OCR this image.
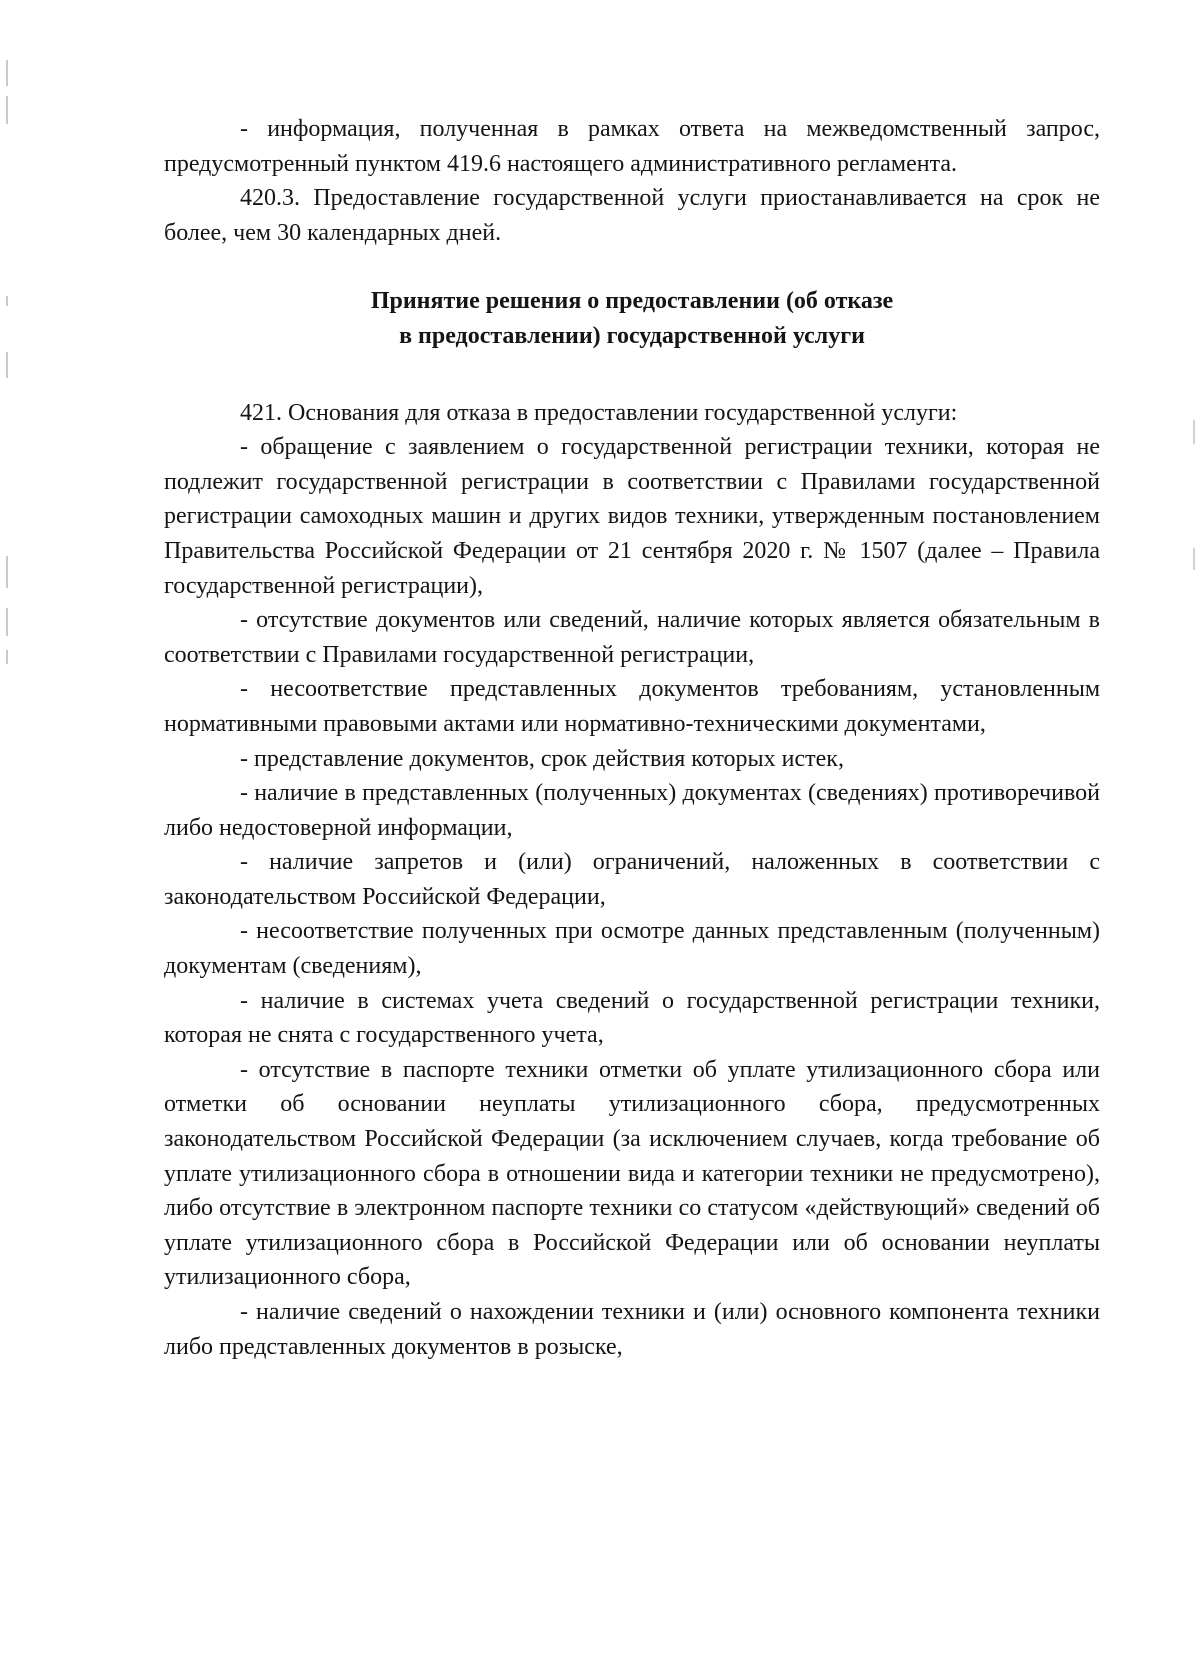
- информация, полученная в рамках ответа на межведомственный запрос, предусмотренный пунктом 419.6 настоящего административного регламента.

420.3. Предоставление государственной услуги приостанавливается на срок не более, чем 30 календарных дней.

Принятие решения о предоставлении (об отказе
в предоставлении) государственной услуги

421. Основания для отказа в предоставлении государственной услуги:

- обращение с заявлением о государственной регистрации техники, которая не подлежит государственной регистрации в соответствии с Правилами государственной регистрации самоходных машин и других видов техники, утвержденным постановлением Правительства Российской Федерации от 21 сентября 2020 г. № 1507 (далее – Правила государственной регистрации),

- отсутствие документов или сведений, наличие которых является обязательным в соответствии с Правилами государственной регистрации,

- несоответствие представленных документов требованиям, установленным нормативными правовыми актами или нормативно-техническими документами,

- представление документов, срок действия которых истек,

- наличие в представленных (полученных) документах (сведениях) противоречивой либо недостоверной информации,

- наличие запретов и (или) ограничений, наложенных в соответствии с законодательством Российской Федерации,

- несоответствие полученных при осмотре данных представленным (полученным) документам (сведениям),

- наличие в системах учета сведений о государственной регистрации техники, которая не снята с государственного учета,

- отсутствие в паспорте техники отметки об уплате утилизационного сбора или отметки об основании неуплаты утилизационного сбора, предусмотренных законодательством Российской Федерации (за исключением случаев, когда требование об уплате утилизационного сбора в отношении вида и категории техники не предусмотрено), либо отсутствие в электронном паспорте техники со статусом «действующий» сведений об уплате утилизационного сбора в Российской Федерации или об основании неуплаты утилизационного сбора,

- наличие сведений о нахождении техники и (или) основного компонента техники либо представленных документов в розыске,
